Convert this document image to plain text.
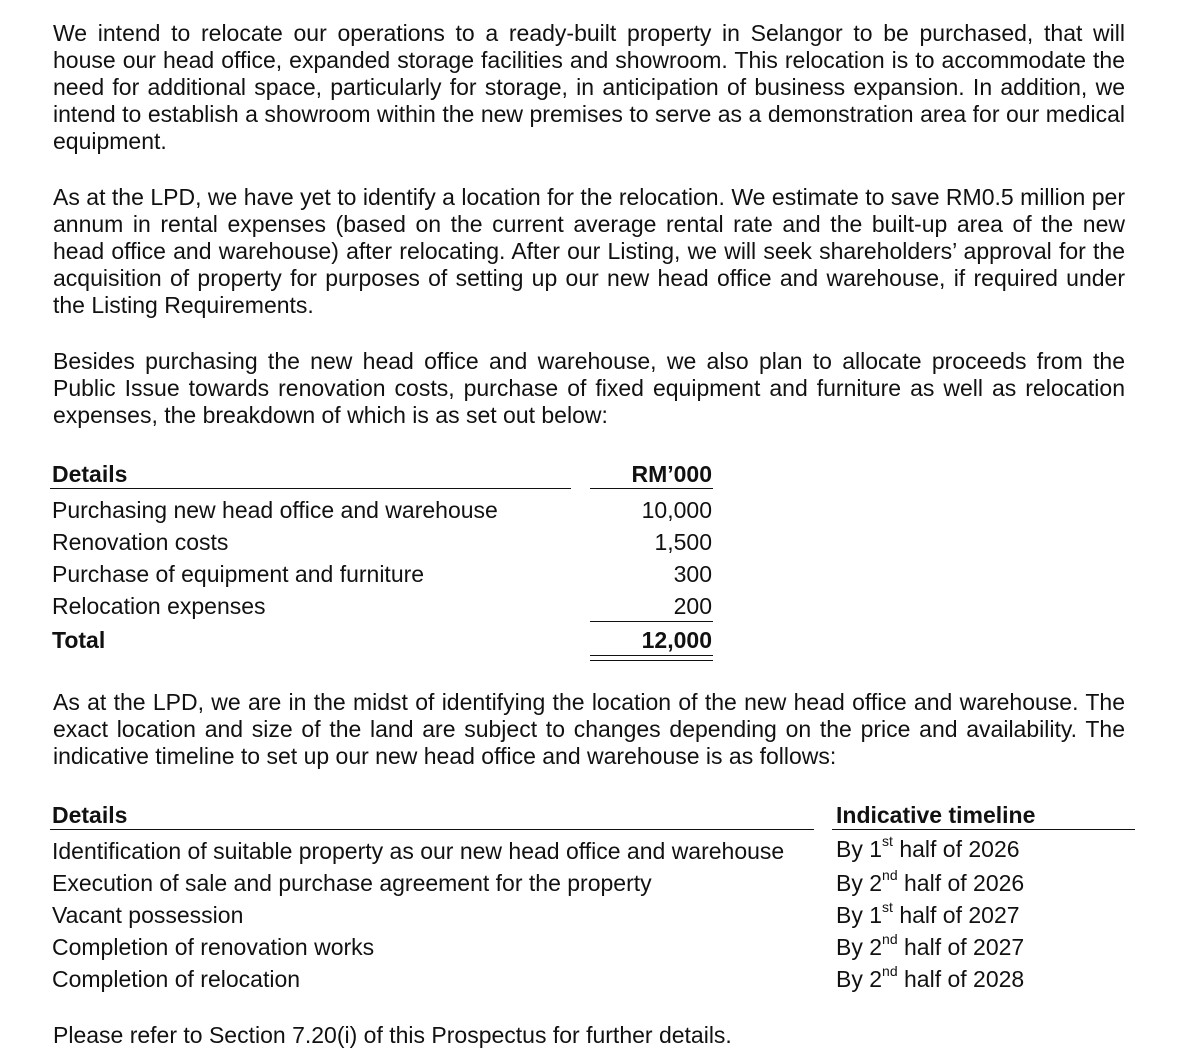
We intend to relocate our operations to a ready-built property in Selangor to be purchased, that will house our head office, expanded storage facilities and showroom. This relocation is to accommodate the need for additional space, particularly for storage, in anticipation of business expansion. In addition, we intend to establish a showroom within the new premises to serve as a demonstration area for our medical equipment.

As at the LPD, we have yet to identify a location for the relocation. We estimate to save RM0.5 million per annum in rental expenses (based on the current average rental rate and the built-up area of the new head office and warehouse) after relocating. After our Listing, we will seek shareholders’ approval for the acquisition of property for purposes of setting up our new head office and warehouse, if required under the Listing Requirements.

Besides purchasing the new head office and warehouse, we also plan to allocate proceeds from the Public Issue towards renovation costs, purchase of fixed equipment and furniture as well as relocation expenses, the breakdown of which is as set out below:

Details	RM’000
Purchasing new head office and warehouse	10,000
Renovation costs	1,500
Purchase of equipment and furniture	300
Relocation expenses	200
Total	12,000

As at the LPD, we are in the midst of identifying the location of the new head office and warehouse. The exact location and size of the land are subject to changes depending on the price and availability. The indicative timeline to set up our new head office and warehouse is as follows:

Details	Indicative timeline
Identification of suitable property as our new head office and warehouse By 1st half of 2026
Execution of sale and purchase agreement for the property	By 2nd half of 2026
Vacant possession	By 1st half of 2027
Completion of renovation works	By 2nd half of 2027
Completion of relocation	By 2nd half of 2028

Please refer to Section 7.20(i) of this Prospectus for further details.
